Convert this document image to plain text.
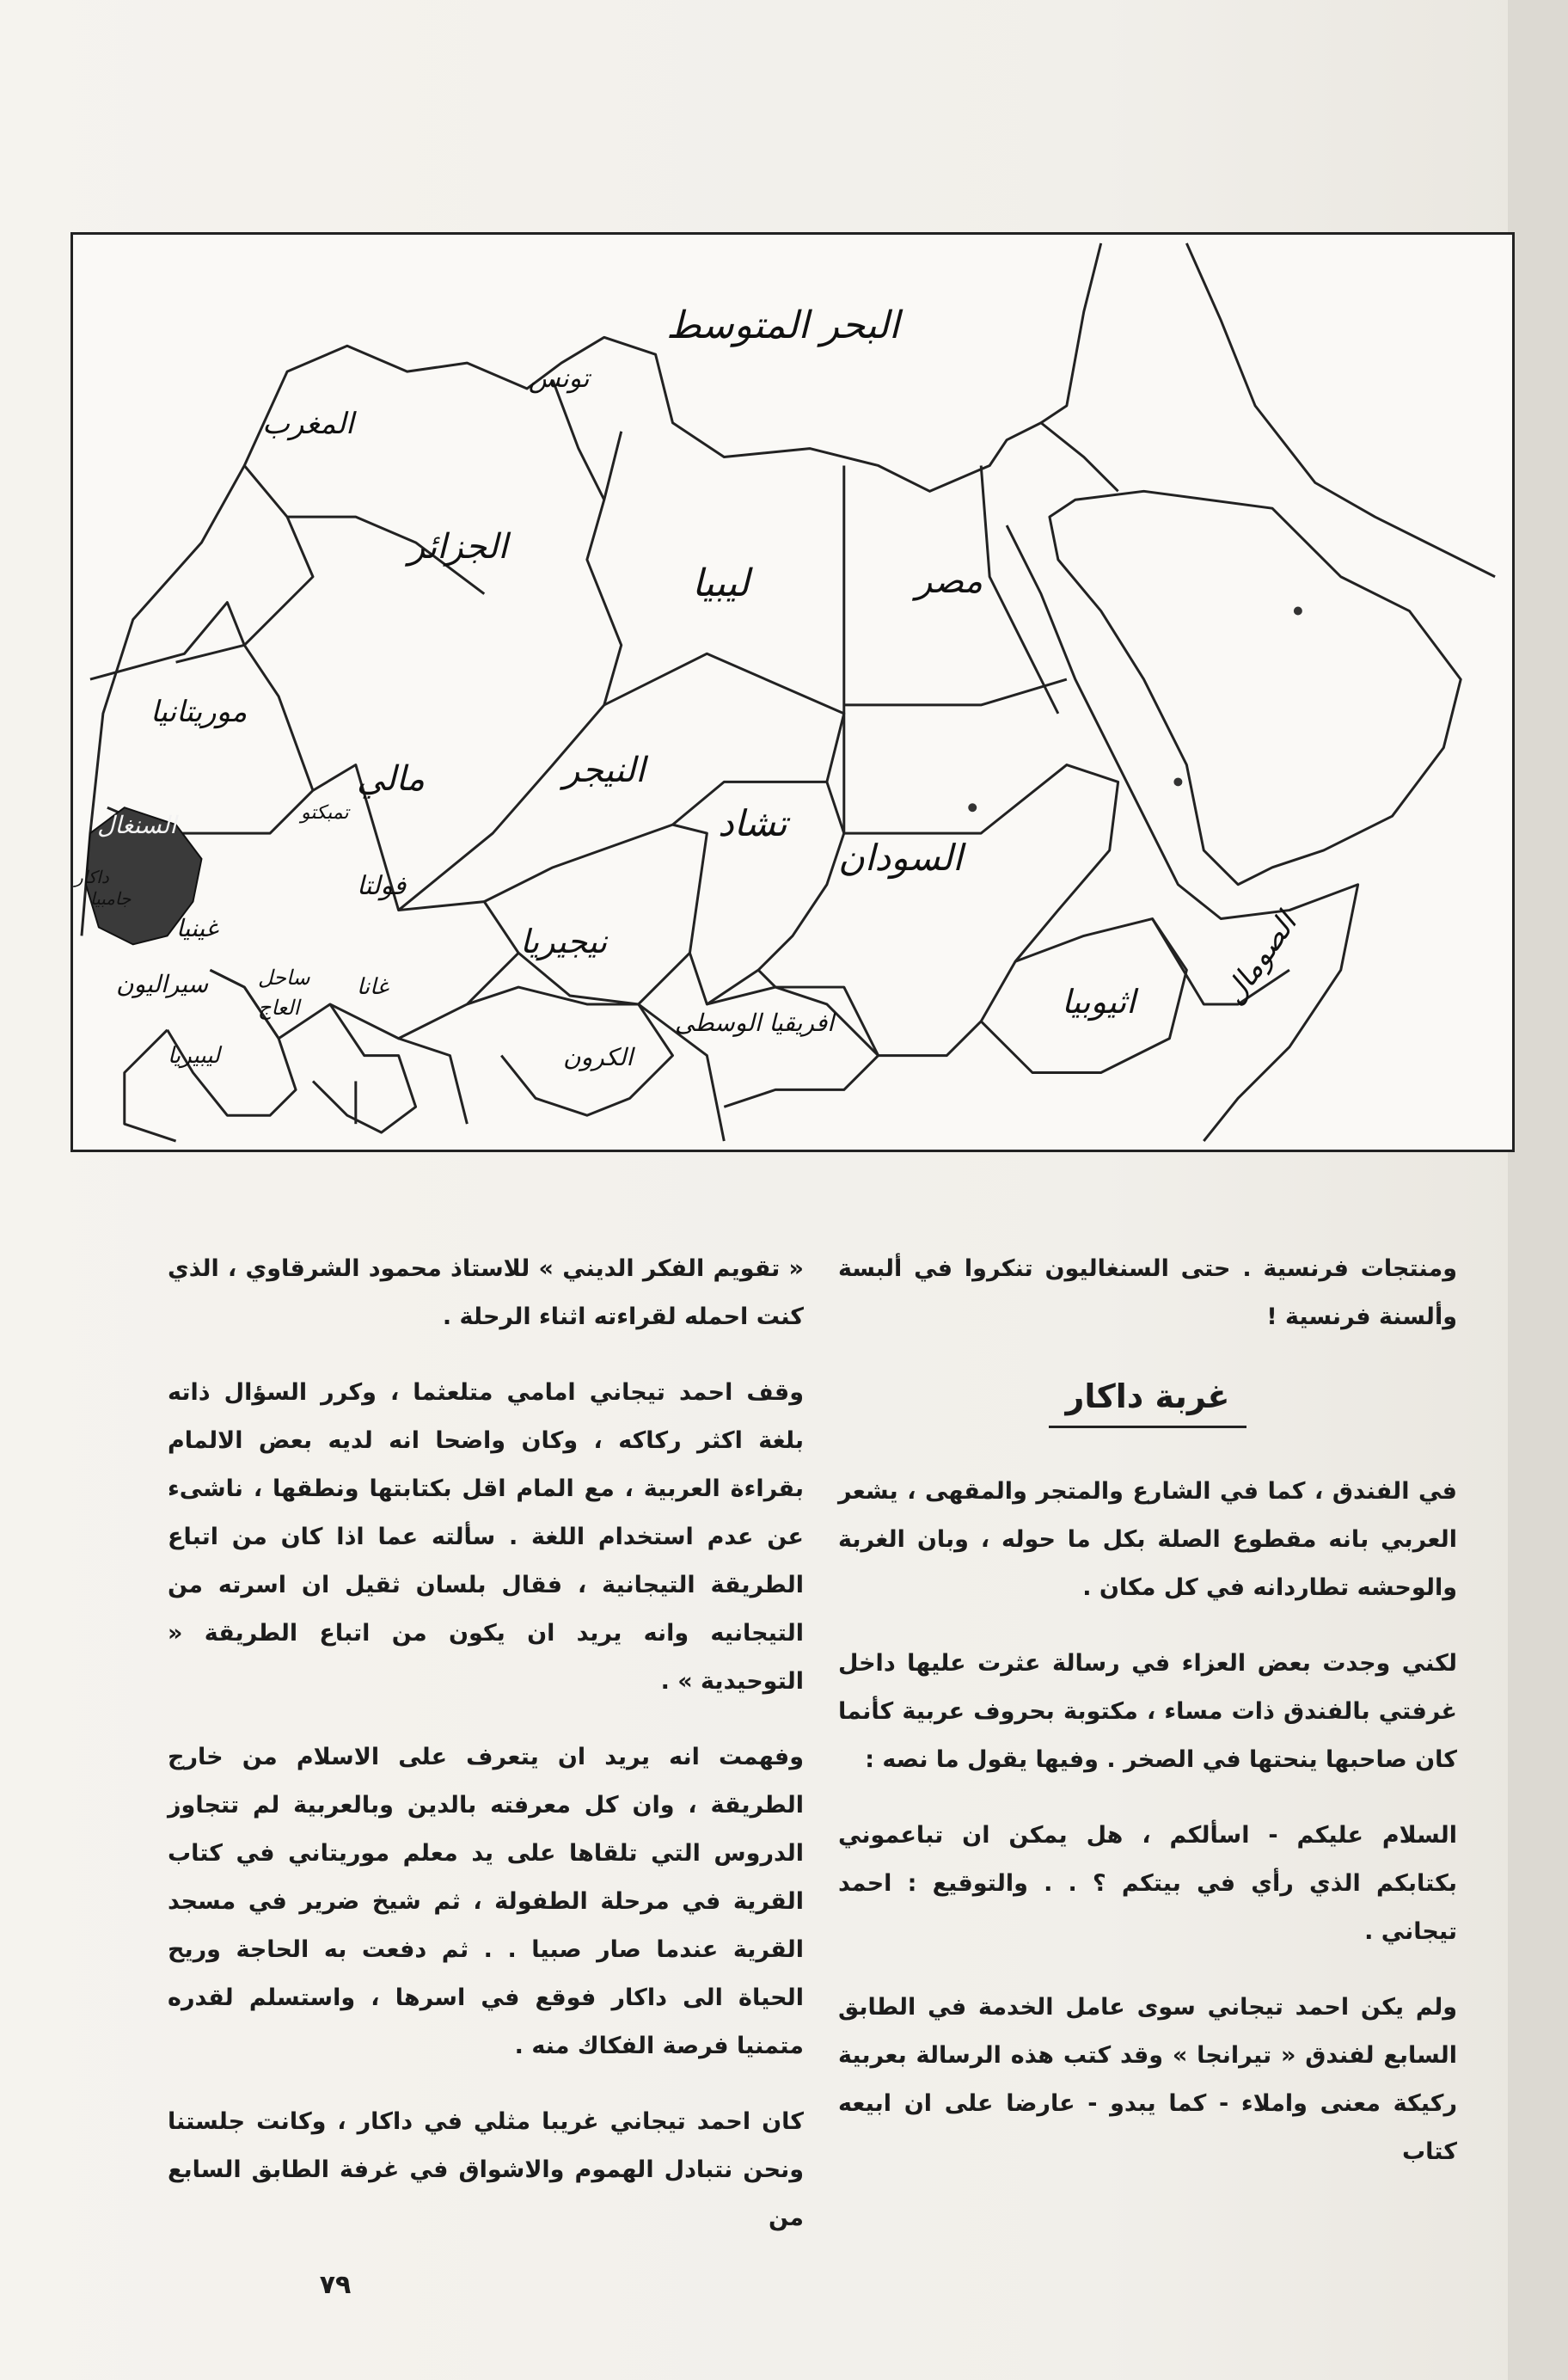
البحر المتوسط
المغرب
تونس
الجزائر
ليبيا	مصر
موريتانيا
مالي
تمبكتو
النيجر
تشاد
السودان
السنغال
داكار
جامبيا
غينيا
فولتا
سيراليون ساحل
العاج
غانا
نيجيريا
ليبيريا	الكرون
افريقيا الوسطى
اثيوبيا	الصومال

ومنتجات فرنسية . حتى السنغاليون تنكروا في ألبسة وألسنة فرنسية !

غربة داكار

في الفندق ، كما في الشارع والمتجر والمقهى ، يشعر العربي بانه مقطوع الصلة بكل ما حوله ، وبان الغربة والوحشه تطاردانه في كل مكان .

لكني وجدت بعض العزاء في رسالة عثرت عليها داخل غرفتي بالفندق ذات مساء ، مكتوبة بحروف عربية كأنما كان صاحبها ينحتها في الصخر . وفيها يقول ما نصه :

السلام عليكم - اسألكم ، هل يمكن ان تباعموني بكتابكم الذي رأي في بيتكم ؟ . . والتوقيع : احمد تيجاني .

ولم يكن احمد تيجاني سوى عامل الخدمة في الطابق السابع لفندق « تيرانجا » وقد كتب هذه الرسالة بعربية ركيكة معنى واملاء - كما يبدو - عارضا على ان ابيعه كتاب

« تقويم الفكر الديني » للاستاذ محمود الشرقاوي ، الذي كنت احمله لقراءته اثناء الرحلة .

وقف احمد تيجاني امامي متلعثما ، وكرر السؤال ذاته بلغة اكثر ركاكه ، وكان واضحا انه لديه بعض الالمام بقراءة العربية ، مع المام اقل بكتابتها ونطقها ، ناشىء عن عدم استخدام اللغة . سألته عما اذا كان من اتباع الطريقة التيجانية ، فقال بلسان ثقيل ان اسرته من التيجانيه وانه يريد ان يكون من اتباع الطريقة « التوحيدية » .

وفهمت انه يريد ان يتعرف على الاسلام من خارج الطريقة ، وان كل معرفته بالدين وبالعربية لم تتجاوز الدروس التي تلقاها على يد معلم موريتاني في كتاب القرية في مرحلة الطفولة ، ثم شيخ ضرير في مسجد القرية عندما صار صبيا . . ثم دفعت به الحاجة وريح الحياة الى داكار فوقع في اسرها ، واستسلم لقدره متمنيا فرصة الفكاك منه .

كان احمد تيجاني غريبا مثلي في داكار ، وكانت جلستنا ونحن نتبادل الهموم والاشواق في غرفة الطابق السابع من

٧٩
